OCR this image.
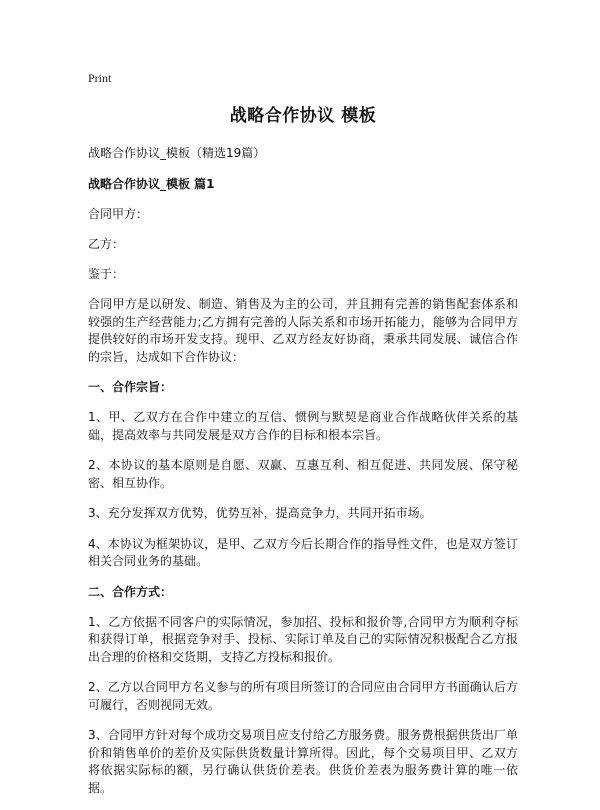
Print
战略合作协议 模板
战略合作协议_模板（精选19篇）
战略合作协议_模板 篇1
合同甲方：
乙方：
鉴于：
合同甲方是以研发、制造、销售及为主的公司，并且拥有完善的销售配套体系和较强的生产经营能力;乙方拥有完善的人际关系和市场开拓能力，能够为合同甲方提供较好的市场开发支持。现甲、乙双方经友好协商，秉承共同发展、诚信合作的宗旨，达成如下合作协议：
一、合作宗旨：
1、甲、乙双方在合作中建立的互信、惯例与默契是商业合作战略伙伴关系的基础，提高效率与共同发展是双方合作的目标和根本宗旨。
2、本协议的基本原则是自愿、双赢、互惠互利、相互促进、共同发展、保守秘密、相互协作。
3、充分发挥双方优势，优势互补，提高竞争力，共同开拓市场。
4、本协议为框架协议，是甲、乙双方今后长期合作的指导性文件，也是双方签订相关合同业务的基础。
二、合作方式：
1、乙方依据不同客户的实际情况，参加招、投标和报价等,合同甲方为顺利夺标和获得订单，根据竞争对手、投标、实际订单及自己的实际情况积极配合乙方报出合理的价格和交货期，支持乙方投标和报价。
2、乙方以合同甲方名义参与的所有项目所签订的合同应由合同甲方书面确认后方可履行，否则视同无效。
3、合同甲方针对每个成功交易项目应支付给乙方服务费。服务费根据供货出厂单价和销售单价的差价及实际供货数量计算所得。因此，每个交易项目甲、乙双方将依据实际标的额，另行确认供货价差表。供货价差表为服务费计算的唯一依据。
